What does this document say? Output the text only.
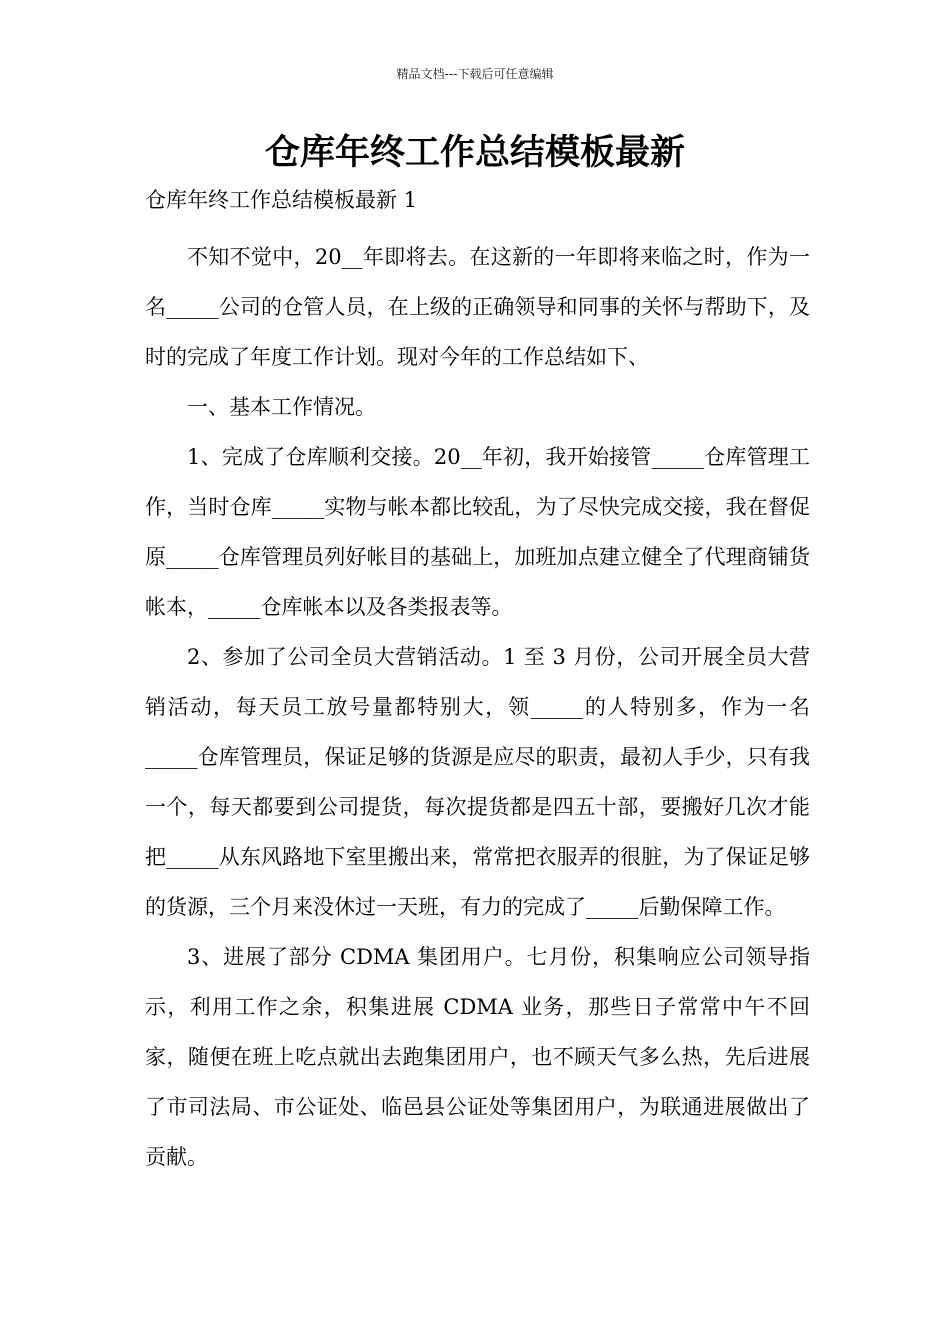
精品文档---下载后可任意编辑
仓库年终工作总结模板最新

仓库年终工作总结模板最新 1

不知不觉中，20__年即将去。在这新的一年即将来临之时，作为一名_____公司的仓管人员，在上级的正确领导和同事的关怀与帮助下，及时的完成了年度工作计划。现对今年的工作总结如下、

一、基本工作情况。

1、完成了仓库顺利交接。20__年初，我开始接管_____仓库管理工作，当时仓库_____实物与帐本都比较乱，为了尽快完成交接，我在督促原_____仓库管理员列好帐目的基础上，加班加点建立健全了代理商铺货帐本，_____仓库帐本以及各类报表等。

2、参加了公司全员大营销活动。1 至 3 月份，公司开展全员大营销活动，每天员工放号量都特别大，领_____的人特别多，作为一名_____仓库管理员，保证足够的货源是应尽的职责，最初人手少，只有我一个，每天都要到公司提货，每次提货都是四五十部，要搬好几次才能把_____从东风路地下室里搬出来，常常把衣服弄的很脏，为了保证足够的货源，三个月来没休过一天班，有力的完成了_____后勤保障工作。

3、进展了部分 CDMA 集团用户。七月份，积集响应公司领导指示，利用工作之余，积集进展 CDMA 业务，那些日子常常中午不回家，随便在班上吃点就出去跑集团用户，也不顾天气多么热，先后进展了市司法局、市公证处、临邑县公证处等集团用户，为联通进展做出了贡献。
